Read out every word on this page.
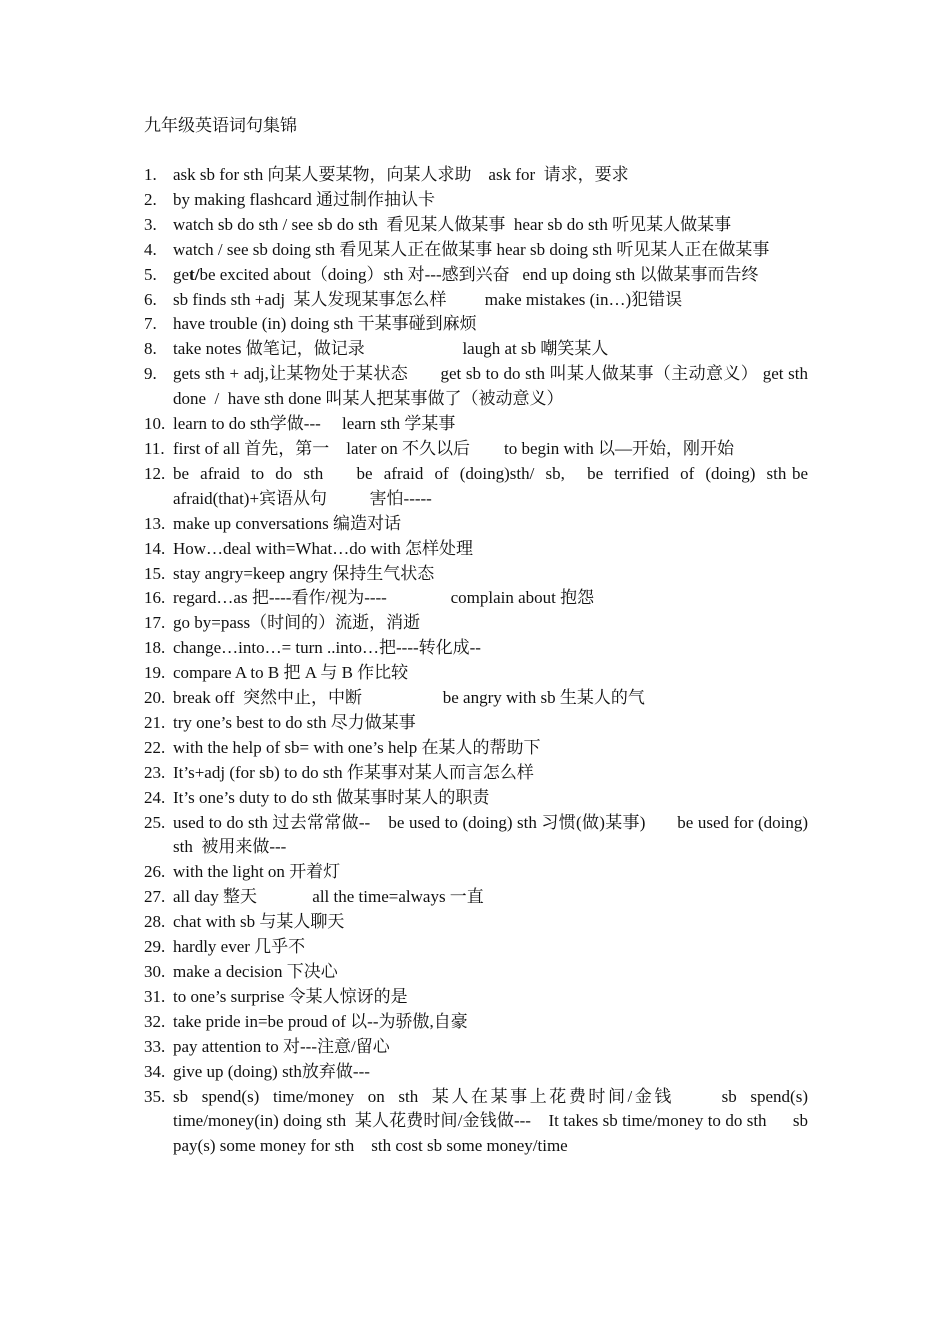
九年级英语词句集锦
1. ask sb for sth 向某人要某物，向某人求助    ask for  请求，要求
2. by making flashcard 通过制作抽认卡
3. watch sb do sth / see sb do sth  看见某人做某事  hear sb do sth 听见某人做某事
4. watch / see sb doing sth 看见某人正在做某事 hear sb doing sth 听见某人正在做某事
5. get/be excited about（doing）sth 对---感到兴奋   end up doing sth 以做某事而告终
6. sb finds sth +adj  某人发现某事怎么样         make mistakes (in…)犯错误
7. have trouble (in) doing sth 干某事碰到麻烦
8. take notes 做笔记，做记录                       laugh at sb 嘲笑某人
9. gets sth + adj,让某物处于某状态       get sb to do sth 叫某人做某事（主动意义） get sth done  /  have sth done 叫某人把某事做了（被动意义）
10. learn to do sth学做---     learn sth 学某事
11. first of all 首先，第一    later on 不久以后        to begin with 以—开始，刚开始
12. be  afraid  to  do  sth      be  afraid  of  (doing)sth/  sb,    be  terrified  of  (doing)  sth be afraid(that)+宾语从句          害怕-----
13. make up conversations 编造对话
14. How…deal with=What…do with 怎样处理
15. stay angry=keep angry 保持生气状态
16. regard…as 把----看作/视为----               complain about 抱怨
17. go by=pass（时间的）流逝，消逝
18. change…into…= turn ..into…把----转化成--
19. compare A to B 把 A 与 B 作比较
20. break off  突然中止，中断                   be angry with sb 生某人的气
21. try one’s best to do sth 尽力做某事
22. with the help of sb= with one’s help 在某人的帮助下
23. It’s+adj (for sb) to do sth 作某事对某人而言怎么样
24. It’s one’s duty to do sth 做某事时某人的职责
25. used to do sth 过去常常做--    be used to (doing) sth 习惯(做)某事)       be used for (doing) sth  被用来做---
26. with the light on 开着灯
27. all day 整天             all the time=always 一直
28. chat with sb 与某人聊天
29. hardly ever 几乎不
30. make a decision 下决心
31. to one’s surprise 令某人惊讶的是
32. take pride in=be proud of 以--为骄傲,自豪
33. pay attention to 对---注意/留心
34. give up (doing) sth放弃做---
35. sb  spend(s)  time/money  on  sth  某人在某事上花费时间/金钱       sb  spend(s) time/money(in) doing sth  某人花费时间/金钱做---    It takes sb time/money to do sth      sb pay(s) some money for sth    sth cost sb some money/time
